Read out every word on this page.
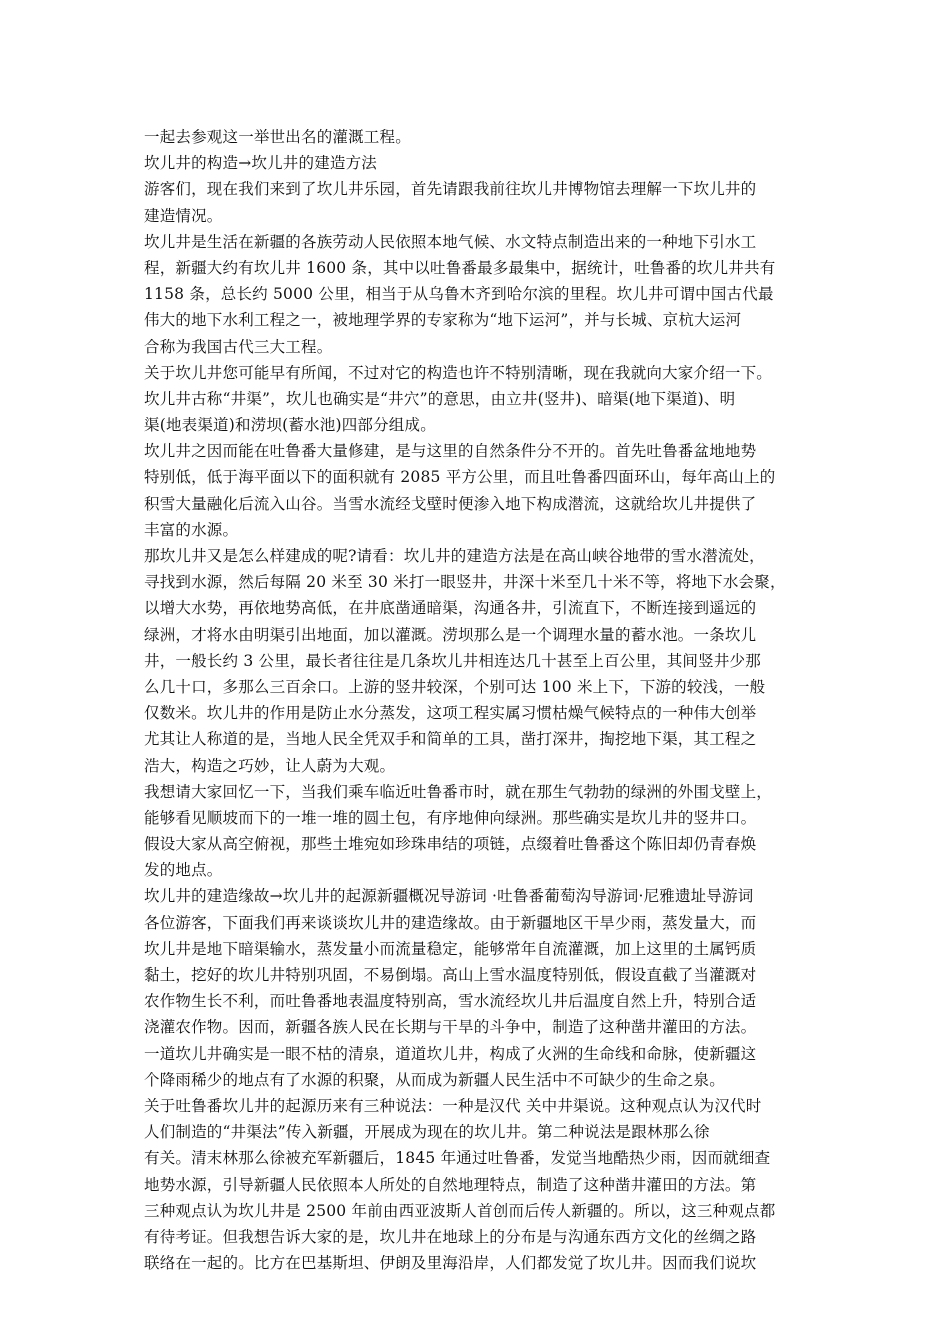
一起去参观这一举世出名的灌溉工程。
坎儿井的构造→坎儿井的建造方法
游客们，现在我们来到了坎儿井乐园，首先请跟我前往坎儿井博物馆去理解一下坎儿井的
建造情况。
坎儿井是生活在新疆的各族劳动人民依照本地气候、水文特点制造出来的一种地下引水工
程，新疆大约有坎儿井 1600 条，其中以吐鲁番最多最集中，据统计，吐鲁番的坎儿井共有
1158 条，总长约 5000 公里，相当于从乌鲁木齐到哈尔滨的里程。坎儿井可谓中国古代最
伟大的地下水利工程之一，被地理学界的专家称为“地下运河”，并与长城、京杭大运河
合称为我国古代三大工程。
关于坎儿井您可能早有所闻，不过对它的构造也许不特别清晰，现在我就向大家介绍一下。
坎儿井古称“井渠”，坎儿也确实是“井穴”的意思，由立井(竖井)、暗渠(地下渠道)、明
渠(地表渠道)和涝坝(蓄水池)四部分组成。
坎儿井之因而能在吐鲁番大量修建，是与这里的自然条件分不开的。首先吐鲁番盆地地势
特别低，低于海平面以下的面积就有 2085 平方公里，而且吐鲁番四面环山，每年高山上的
积雪大量融化后流入山谷。当雪水流经戈壁时便渗入地下构成潜流，这就给坎儿井提供了
丰富的水源。
那坎儿井又是怎么样建成的呢?请看：坎儿井的建造方法是在高山峡谷地带的雪水潜流处，
寻找到水源，然后每隔 20 米至 30 米打一眼竖井，井深十米至几十米不等，将地下水会聚，
以增大水势，再依地势高低，在井底凿通暗渠，沟通各井，引流直下，不断连接到遥远的
绿洲，才将水由明渠引出地面，加以灌溉。涝坝那么是一个调理水量的蓄水池。一条坎儿
井，一般长约 3 公里，最长者往往是几条坎儿井相连达几十甚至上百公里，其间竖井少那
么几十口，多那么三百余口。上游的竖井较深，个别可达 100 米上下，下游的较浅，一般
仅数米。坎儿井的作用是防止水分蒸发，这项工程实属习惯枯燥气候特点的一种伟大创举
尤其让人称道的是，当地人民全凭双手和简单的工具，凿打深井，掏挖地下渠，其工程之
浩大，构造之巧妙，让人蔚为大观。
我想请大家回忆一下，当我们乘车临近吐鲁番市时，就在那生气勃勃的绿洲的外围戈壁上，
能够看见顺坡而下的一堆一堆的圆土包，有序地伸向绿洲。那些确实是坎儿井的竖井口。
假设大家从高空俯视，那些土堆宛如珍珠串结的项链，点缀着吐鲁番这个陈旧却仍青春焕
发的地点。
坎儿井的建造缘故→坎儿井的起源新疆概况导游词 ·吐鲁番葡萄沟导游词·尼雅遗址导游词
各位游客，下面我们再来谈谈坎儿井的建造缘故。由于新疆地区干旱少雨，蒸发量大，而
坎儿井是地下暗渠输水，蒸发量小而流量稳定，能够常年自流灌溉，加上这里的土属钙质
黏土，挖好的坎儿井特别巩固，不易倒塌。高山上雪水温度特别低，假设直截了当灌溉对
农作物生长不利，而吐鲁番地表温度特别高，雪水流经坎儿井后温度自然上升，特别合适
浇灌农作物。因而，新疆各族人民在长期与干旱的斗争中，制造了这种凿井灌田的方法。
一道坎儿井确实是一眼不枯的清泉，道道坎儿井，构成了火洲的生命线和命脉，使新疆这
个降雨稀少的地点有了水源的积聚，从而成为新疆人民生活中不可缺少的生命之泉。
关于吐鲁番坎儿井的起源历来有三种说法：一种是汉代 关中井渠说。这种观点认为汉代时
人们制造的“井渠法”传入新疆，开展成为现在的坎儿井。第二种说法是跟林那么徐
有关。清末林那么徐被充军新疆后，1845 年通过吐鲁番，发觉当地酷热少雨，因而就细查
地势水源，引导新疆人民依照本人所处的自然地理特点，制造了这种凿井灌田的方法。第
三种观点认为坎儿井是 2500 年前由西亚波斯人首创而后传人新疆的。所以，这三种观点都
有待考证。但我想告诉大家的是，坎儿井在地球上的分布是与沟通东西方文化的丝绸之路
联络在一起的。比方在巴基斯坦、伊朗及里海沿岸，人们都发觉了坎儿井。因而我们说坎
